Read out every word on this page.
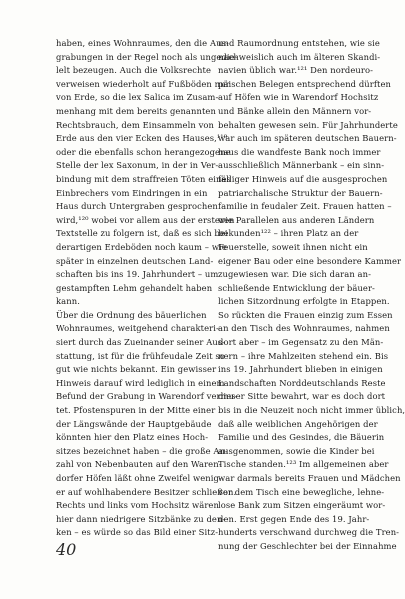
haben, eines Wohnraumes, den die Aus-
grabungen in der Regel noch als ungedie-
lelt bezeugen. Auch die Volksrechte
verweisen wiederholt auf Fußböden nur
von Erde, so die lex Salica im Zusam-
menhang mit dem bereits genannten
Rechtsbrauch, dem Einsammeln von
Erde aus den vier Ecken des Hauses,¹¹⁹
oder die ebenfalls schon herangezogene
Stelle der lex Saxonum, in der in Ver-
bindung mit dem straffreien Töten eines
Einbrechers vom Eindringen in ein
Haus durch Untergraben gesprochen
wird,¹²⁰ wobei vor allem aus der ersteren
Textstelle zu folgern ist, daß es sich bei
derartigen Erdeböden noch kaum – wie
später in einzelnen deutschen Land-
schaften bis ins 19. Jahrhundert – um
gestampften Lehm gehandelt haben
kann.
Über die Ordnung des bäuerlichen
Wohnraumes, weitgehend charakteri-
siert durch das Zueinander seiner Aus-
stattung, ist für die frühfeudale Zeit so
gut wie nichts bekannt. Ein gewisser
Hinweis darauf wird lediglich in einem
Befund der Grabung in Warendorf vermu-
tet. Pfostenspuren in der Mitte einer
der Längswände der Hauptgebäude
könnten hier den Platz eines Hoch-
sitzes bezeichnet haben – die große An-
zahl von Nebenbauten auf den Waren-
dorfer Höfen läßt ohne Zweifel wenig-
er auf wohlhabendere Besitzer schließen.
Rechts und links vom Hochsitz wären
hier dann niedrigere Sitzbänke zu den-
ken – es würde so das Bild einer Sitz-
und Raumordnung entstehen, wie sie
nachweislich auch im älteren Skandi-
navien üblich war.¹²¹ Den nordeuro-
päischen Belegen entsprechend dürften
auf Höfen wie in Warendorf Hochsitz
und Bänke allein den Männern vor-
behalten gewesen sein. Für Jahrhunderte
war auch im späteren deutschen Bauern-
haus die wandfeste Bank noch immer
ausschließlich Männerbank – ein sinn-
fälliger Hinweis auf die ausgesprochen
patriarchalische Struktur der Bauern-
familie in feudaler Zeit. Frauen hatten –
wie Parallelen aus anderen Ländern
bekunden¹²² – ihren Platz an der
Feuerstelle, soweit ihnen nicht ein
eigener Bau oder eine besondere Kammer
zugewiesen war. Die sich daran an-
schließende Entwicklung der bäuer-
lichen Sitzordnung erfolgte in Etappen.
So rückten die Frauen einzig zum Essen
an den Tisch des Wohnraumes, nahmen
dort aber – im Gegensatz zu den Män-
nern – ihre Mahlzeiten stehend ein. Bis
ins 19. Jahrhundert blieben in einigen
Landschaften Norddeutschlands Reste
dieser Sitte bewahrt, war es doch dort
bis in die Neuzeit noch nicht immer üblich,
daß alle weiblichen Angehörigen der
Familie und des Gesindes, die Bäuerin
ausgenommen, sowie die Kinder bei
Tische standen.¹²³ Im allgemeinen aber
war darmals bereits Frauen und Mädchen
vor dem Tisch eine bewegliche, lehne-
lose Bank zum Sitzen eingeräumt wor-
den. Erst gegen Ende des 19. Jahr-
hunderts verschwand durchweg die Tren-
nung der Geschlechter bei der Einnahme
40
